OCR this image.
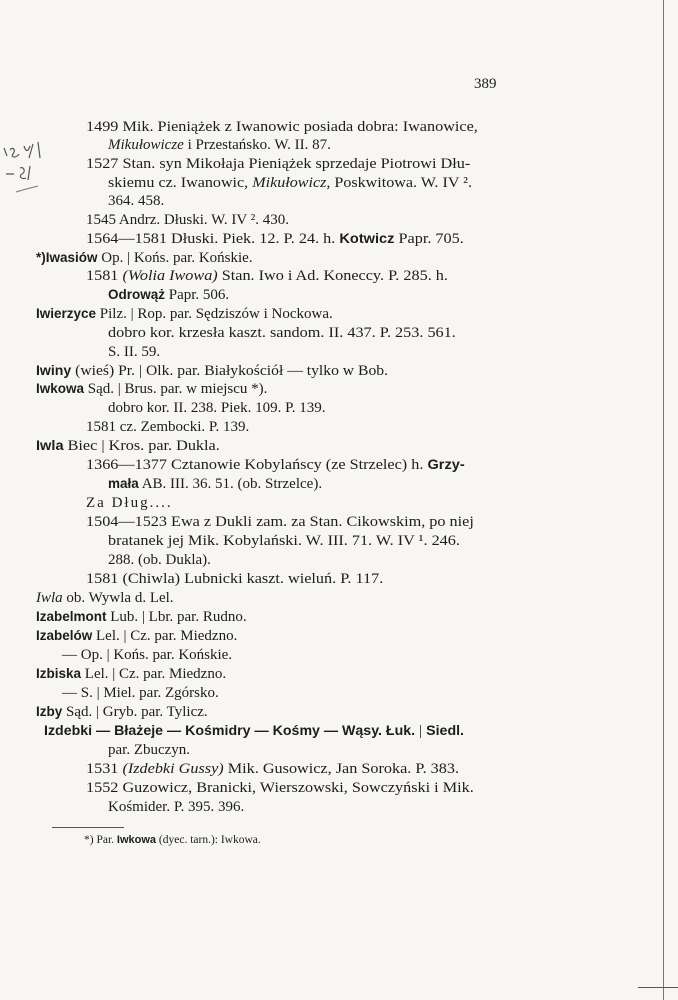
389
1499 Mik. Pieniążek z Iwanowic posiada dobra: Iwanowice,
Mikułowicze i Przestańsko. W. II. 87.
1527 Stan. syn Mikołaja Pieniążek sprzedaje Piotrowi Dłu-
skiemu cz. Iwanowic, Mikułowicz, Poskwitowa. W. IV ².
364. 458.
1545 Andrz. Dłuski. W. IV ². 430.
1564—1581 Dłuski. Piek. 12. P. 24. h. Kotwicz Papr. 705.
*)Iwasiów Op. | Końs. par. Końskie.
1581 (Wolia Iwowa) Stan. Iwo i Ad. Koneccy. P. 285. h.
Odrowąż Papr. 506.
Iwierzyce Pilz. | Rop. par. Sędziszów i Nockowa.
dobro kor. krzesła kaszt. sandom. II. 437. P. 253. 561.
S. II. 59.
Iwiny (wieś) Pr. | Olk. par. Białykościół — tylko w Bob.
Iwkowa Sąd. | Brus. par. w miejscu *).
dobro kor. II. 238. Piek. 109. P. 139.
1581 cz. Zembocki. P. 139.
Iwla Biec | Kros. par. Dukla.
1366—1377 Cztanowie Kobylańscy (ze Strzelec) h. Grzy-
mała AB. III. 36. 51. (ob. Strzelce).
Za Dług....
1504—1523 Ewa z Dukli zam. za Stan. Cikowskim, po niej
bratanek jej Mik. Kobylański. W. III. 71. W. IV ¹. 246.
288. (ob. Dukla).
1581 (Chiwla) Lubnicki kaszt. wieluń. P. 117.
Iwla ob. Wywla d. Lel.
Izabelmont Lub. | Lbr. par. Rudno.
Izabelów Lel. | Cz. par. Miedzno.
— Op. | Końs. par. Końskie.
Izbiska Lel. | Cz. par. Miedzno.
— S. | Miel. par. Zgórsko.
Izby Sąd. | Gryb. par. Tylicz.
Izdebki — Błażeje — Kośmidry — Kośmy — Wąsy. Łuk. | Siedl.
par. Zbuczyn.
1531 (Izdebki Gussy) Mik. Gusowicz, Jan Soroka. P. 383.
1552 Guzowicz, Branicki, Wierszowski, Sowczyński i Mik.
Kośmider. P. 395. 396.
*) Par. Iwkowa (dyec. tarn.): Iwkowa.
